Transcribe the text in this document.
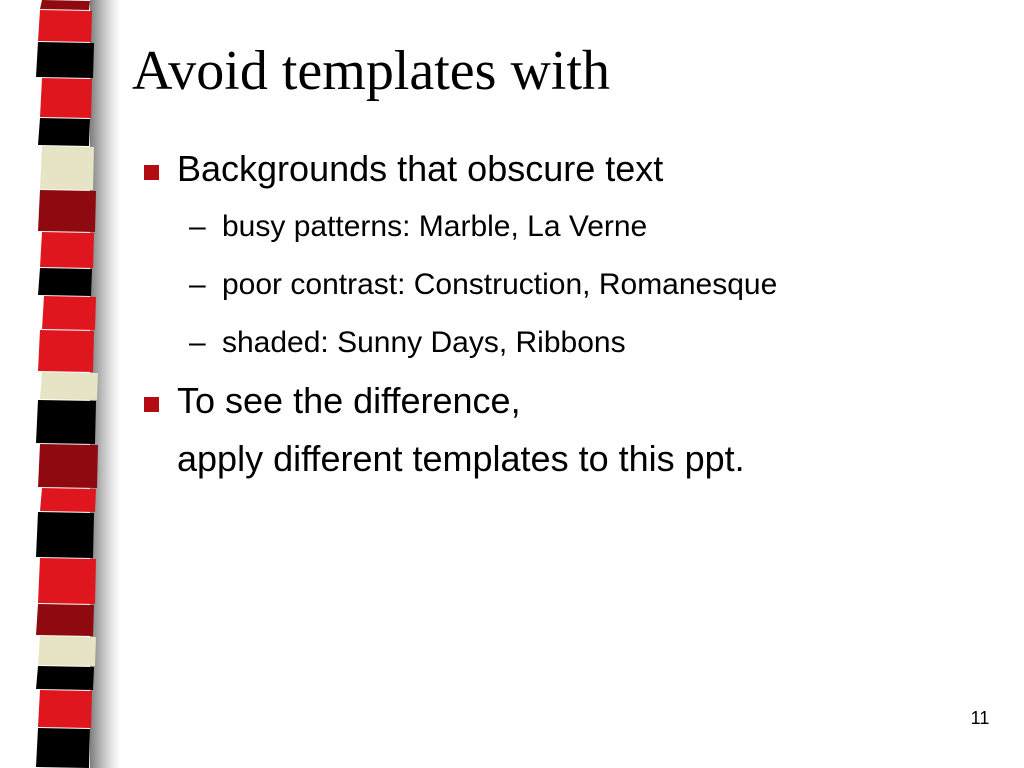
Avoid templates with
Backgrounds that obscure text
– busy patterns: Marble, La Verne
– poor contrast: Construction, Romanesque
– shaded: Sunny Days, Ribbons
To see the difference,
apply different templates to this ppt.
11
